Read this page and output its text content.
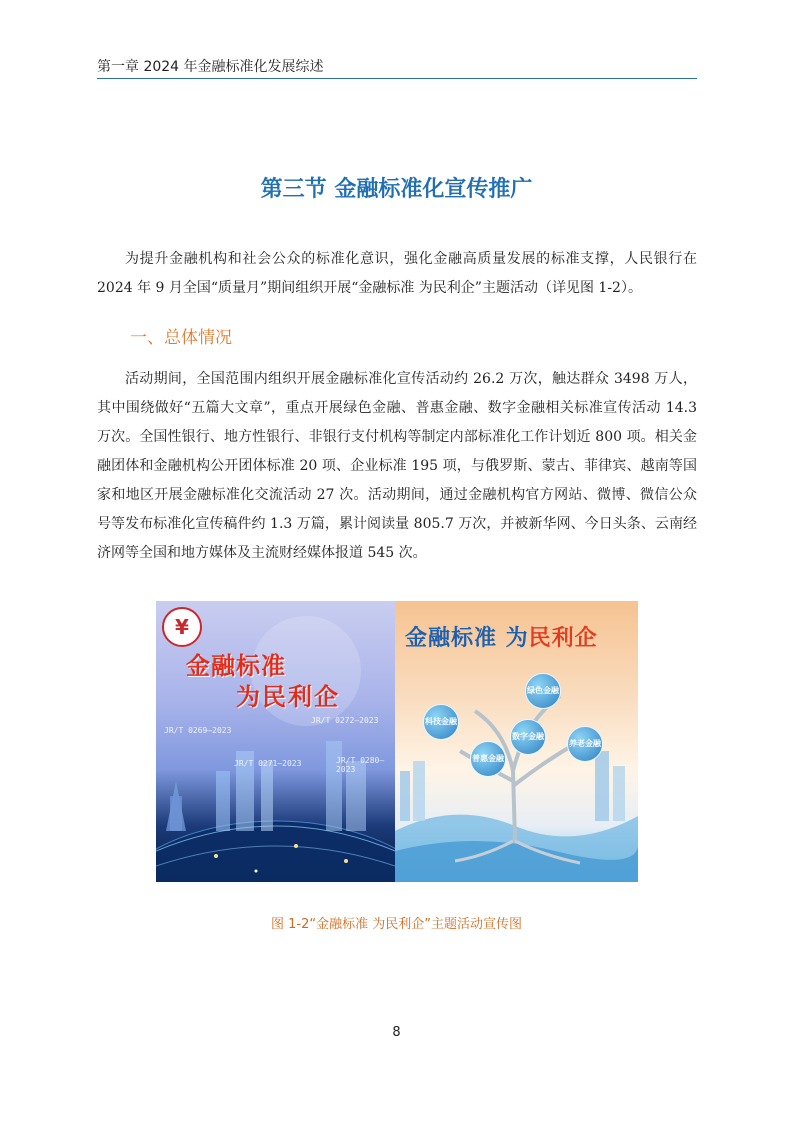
第一章 2024 年金融标准化发展综述
第三节 金融标准化宣传推广

为提升金融机构和社会公众的标准化意识，强化金融高质量发展的标准支撑，人民银行在 2024 年 9 月全国“质量月”期间组织开展“金融标准 为民利企”主题活动（详见图 1-2）。

一、总体情况

活动期间，全国范围内组织开展金融标准化宣传活动约 26.2 万次，触达群众 3498 万人，其中围绕做好“五篇大文章”，重点开展绿色金融、普惠金融、数字金融相关标准宣传活动 14.3 万次。全国性银行、地方性银行、非银行支付机构等制定内部标准化工作计划近 800 项。相关金融团体和金融机构公开团体标准 20 项、企业标准 195 项，与俄罗斯、蒙古、菲律宾、越南等国家和地区开展金融标准化交流活动 27 次。活动期间，通过金融机构官方网站、微博、微信公众号等发布标准化宣传稿件约 1.3 万篇，累计阅读量 805.7 万次，并被新华网、今日头条、云南经济网等全国和地方媒体及主流财经媒体报道 545 次。

¥
金融标准
为民利企
JR/T 0269—2023
JR/T 0271—2023	JR/T 0280—2023
JR/T 0272—2023
金融标准 为民利企
科技金融
绿色金融
普惠金融
数字金融
养老金融
图 1-2“金融标准 为民利企”主题活动宣传图
8
